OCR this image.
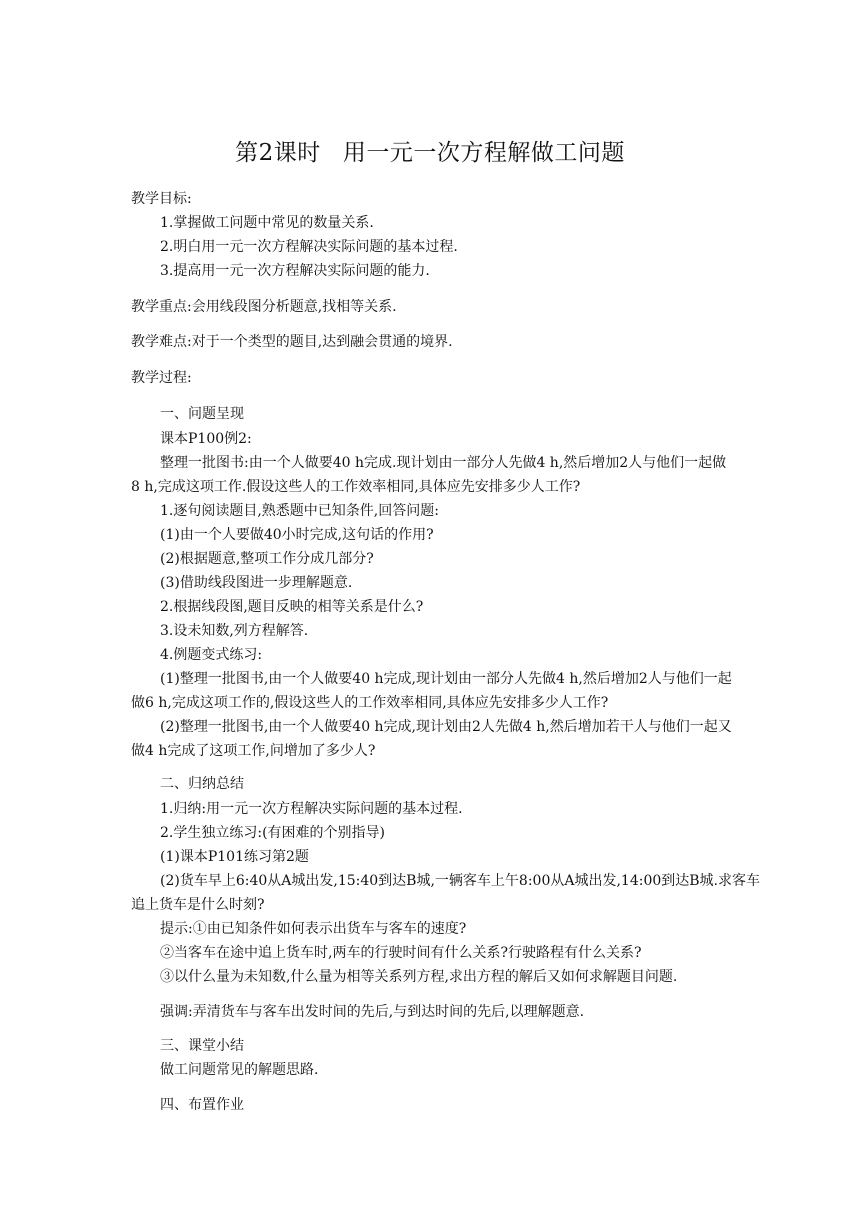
第2课时 用一元一次方程解做工问题
教学目标:
1.掌握做工问题中常见的数量关系.
2.明白用一元一次方程解决实际问题的基本过程.
3.提高用一元一次方程解决实际问题的能力.
教学重点:会用线段图分析题意,找相等关系.
教学难点:对于一个类型的题目,达到融会贯通的境界.
教学过程:
一、问题呈现
课本P100例2:
整理一批图书:由一个人做要40 h完成.现计划由一部分人先做4 h,然后增加2人与他们一起做
8 h,完成这项工作.假设这些人的工作效率相同,具体应先安排多少人工作?
1.逐句阅读题目,熟悉题中已知条件,回答问题:
(1)由一个人要做40小时完成,这句话的作用?
(2)根据题意,整项工作分成几部分?
(3)借助线段图进一步理解题意.
2.根据线段图,题目反映的相等关系是什么?
3.设未知数,列方程解答.
4.例题变式练习:
(1)整理一批图书,由一个人做要40 h完成,现计划由一部分人先做4 h,然后增加2人与他们一起
做6 h,完成这项工作的,假设这些人的工作效率相同,具体应先安排多少人工作?
(2)整理一批图书,由一个人做要40 h完成,现计划由2人先做4 h,然后增加若干人与他们一起又
做4 h完成了这项工作,问增加了多少人?
二、归纳总结
1.归纳:用一元一次方程解决实际问题的基本过程.
2.学生独立练习:(有困难的个别指导)
(1)课本P101练习第2题
(2)货车早上6:40从A城出发,15:40到达B城,一辆客车上午8:00从A城出发,14:00到达B城.求客车
追上货车是什么时刻?
提示:①由已知条件如何表示出货车与客车的速度?
②当客车在途中追上货车时,两车的行驶时间有什么关系?行驶路程有什么关系?
③以什么量为未知数,什么量为相等关系列方程,求出方程的解后又如何求解题目问题.
强调:弄清货车与客车出发时间的先后,与到达时间的先后,以理解题意.
三、课堂小结
做工问题常见的解题思路.
四、布置作业
